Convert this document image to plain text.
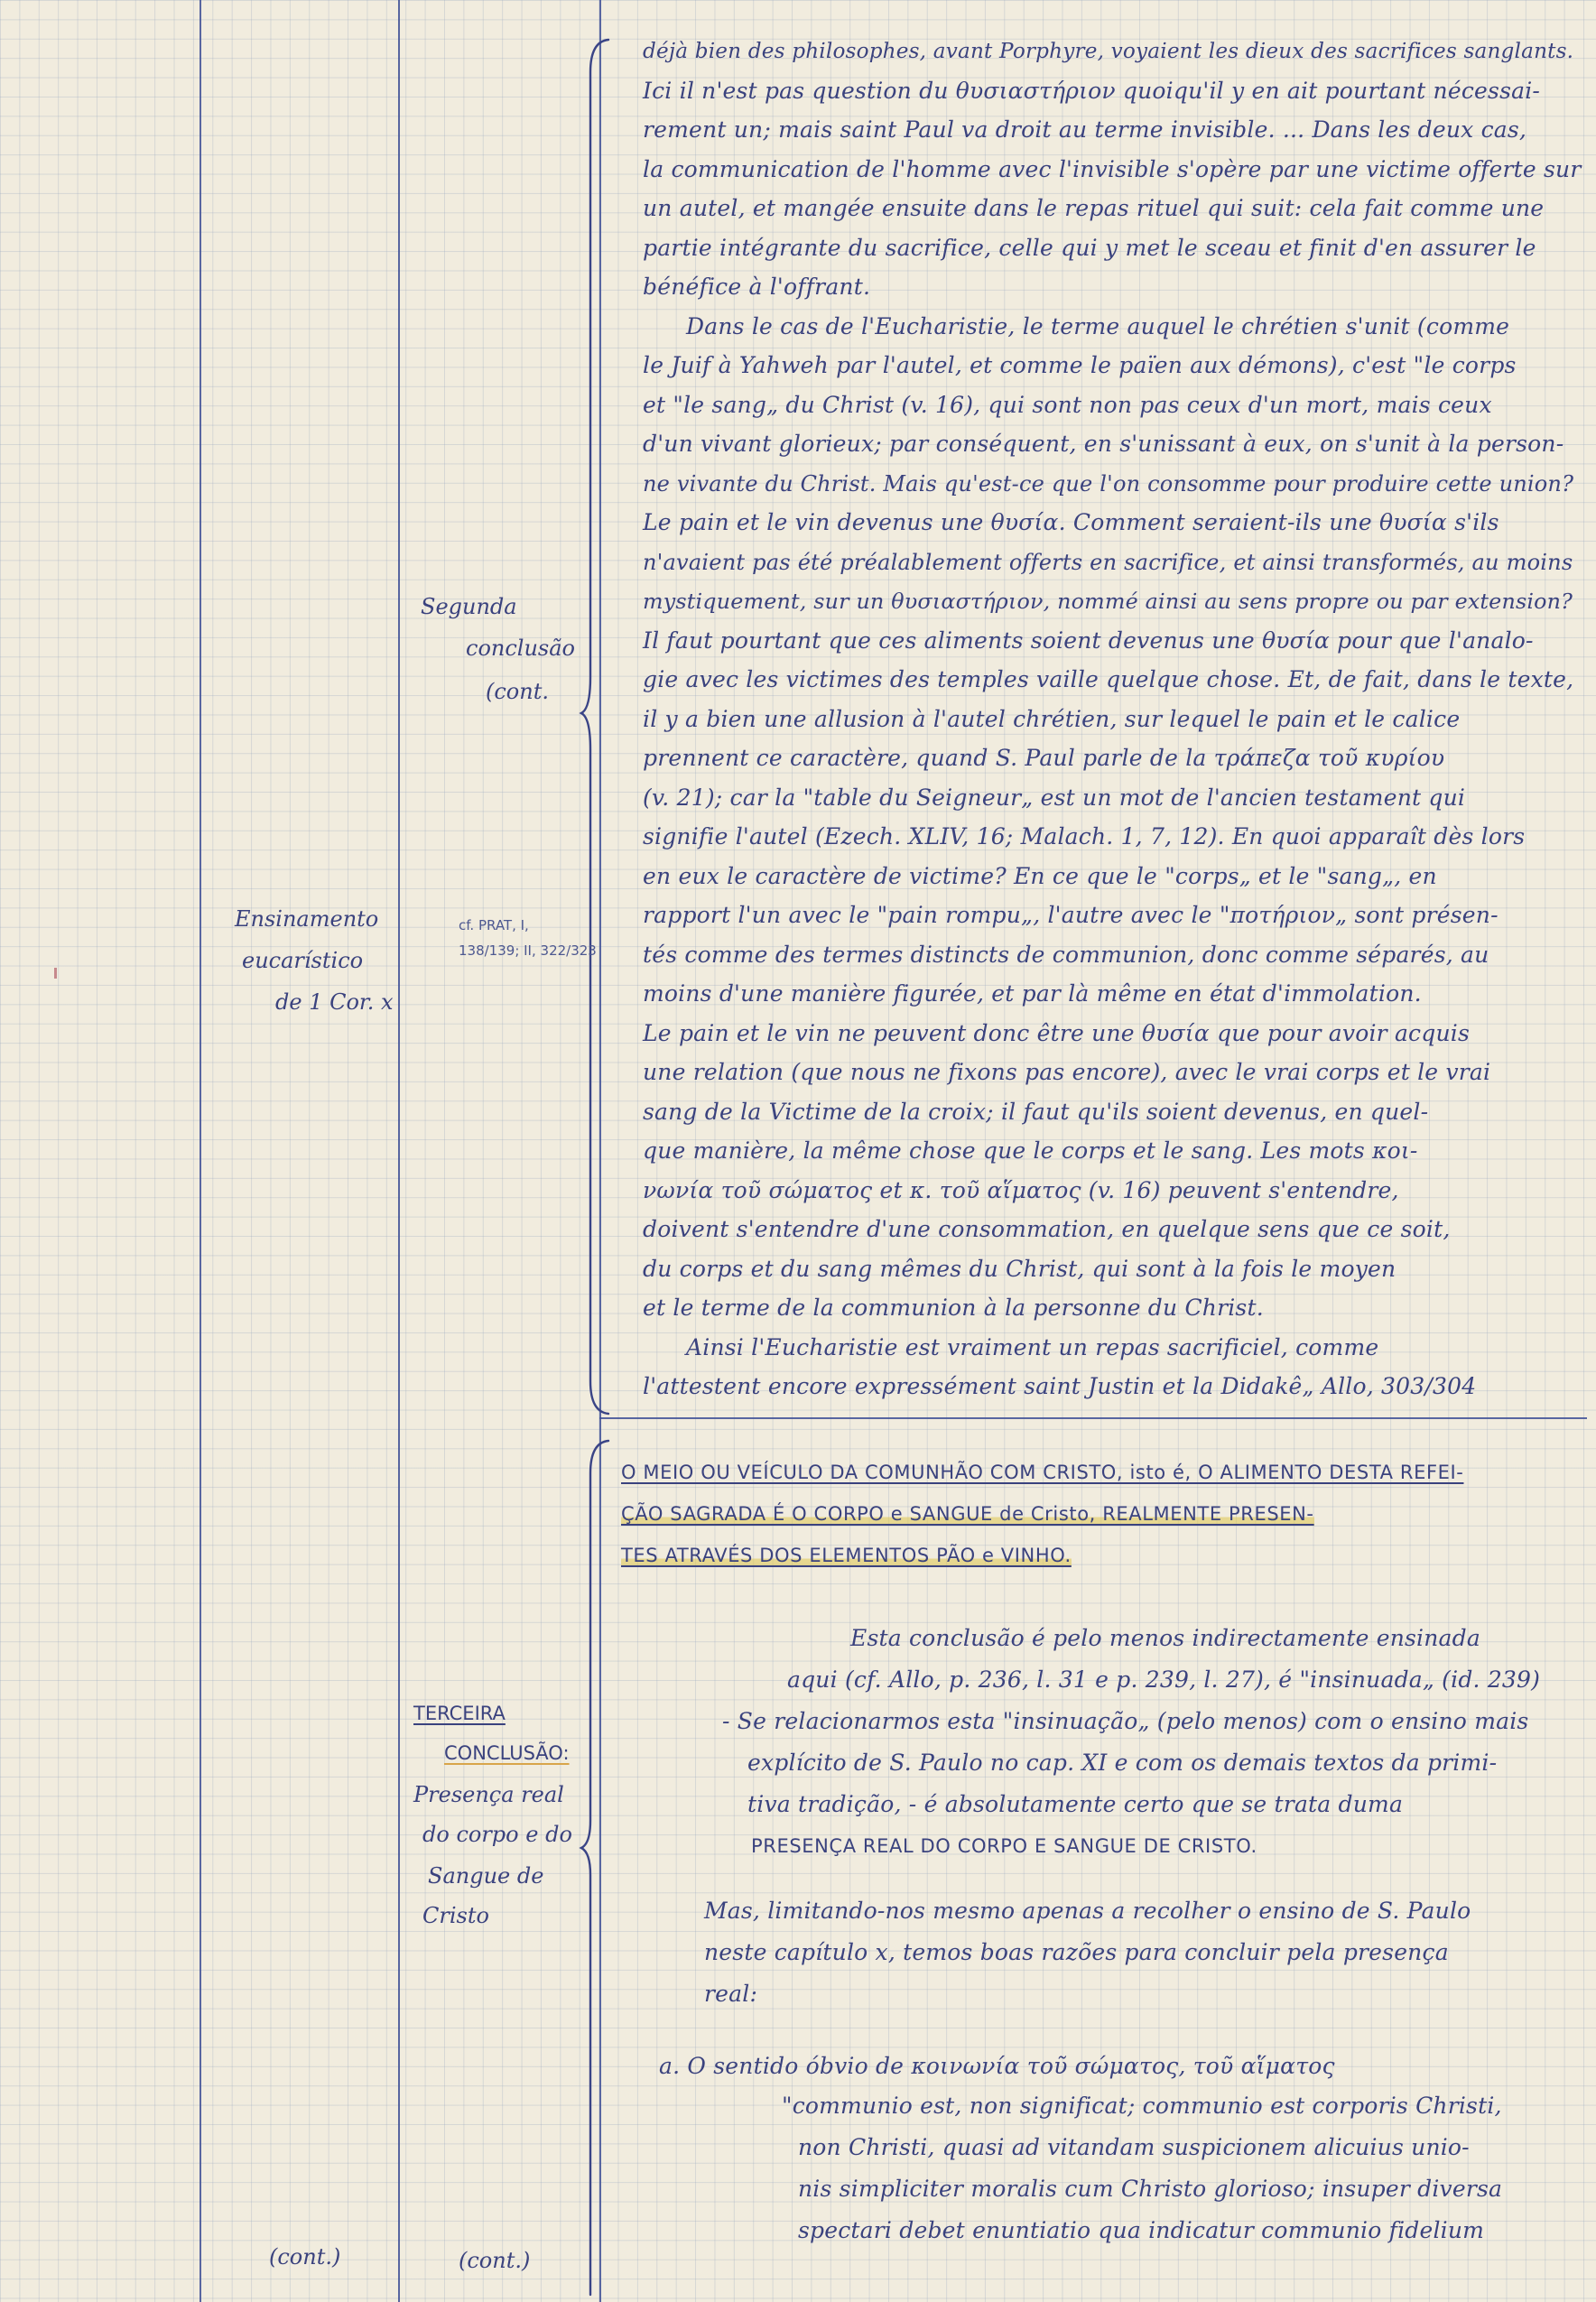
Ensinamento
eucarístico
de 1 Cor. x
(cont.)
Segunda
conclusão
(cont.
cf. PRAT, I,
138/139; II, 322/323
TERCEIRA
CONCLUSÃO:
Presença real
do corpo e do
Sangue de
Cristo
(cont.)
déjà bien des philosophes, avant Porphyre, voyaient les dieux des sacrifices sanglants.
Ici il n'est pas question du θυσιαστήριον quoiqu'il y en ait pourtant nécessai-
rement un; mais saint Paul va droit au terme invisible. ... Dans les deux cas,
la communication de l'homme avec l'invisible s'opère par une victime offerte sur
un autel, et mangée ensuite dans le repas rituel qui suit: cela fait comme une
partie intégrante du sacrifice, celle qui y met le sceau et finit d'en assurer le
bénéfice à l'offrant.
Dans le cas de l'Eucharistie, le terme auquel le chrétien s'unit (comme
le Juif à Yahweh par l'autel, et comme le païen aux démons), c'est "le corps
et "le sang„ du Christ (v. 16), qui sont non pas ceux d'un mort, mais ceux
d'un vivant glorieux; par conséquent, en s'unissant à eux, on s'unit à la person-
ne vivante du Christ. Mais qu'est-ce que l'on consomme pour produire cette union?
Le pain et le vin devenus une θυσία. Comment seraient-ils une θυσία s'ils
n'avaient pas été préalablement offerts en sacrifice, et ainsi transformés, au moins
mystiquement, sur un θυσιαστήριον, nommé ainsi au sens propre ou par extension?
Il faut pourtant que ces aliments soient devenus une θυσία pour que l'analo-
gie avec les victimes des temples vaille quelque chose. Et, de fait, dans le texte,
il y a bien une allusion à l'autel chrétien, sur lequel le pain et le calice
prennent ce caractère, quand S. Paul parle de la τράπεζα τοῦ κυρίου
(v. 21); car la "table du Seigneur„ est un mot de l'ancien testament qui
signifie l'autel (Ezech. XLIV, 16; Malach. 1, 7, 12). En quoi apparaît dès lors
en eux le caractère de victime? En ce que le "corps„ et le "sang„, en
rapport l'un avec le "pain rompu„, l'autre avec le "ποτήριον„ sont présen-
tés comme des termes distincts de communion, donc comme séparés, au
moins d'une manière figurée, et par là même en état d'immolation.
Le pain et le vin ne peuvent donc être une θυσία que pour avoir acquis
une relation (que nous ne fixons pas encore), avec le vrai corps et le vrai
sang de la Victime de la croix; il faut qu'ils soient devenus, en quel-
que manière, la même chose que le corps et le sang. Les mots κοι-
νωνία τοῦ σώματος et κ. τοῦ αἵματος (v. 16) peuvent s'entendre,
doivent s'entendre d'une consommation, en quelque sens que ce soit,
du corps et du sang mêmes du Christ, qui sont à la fois le moyen
et le terme de la communion à la personne du Christ.
Ainsi l'Eucharistie est vraiment un repas sacrificiel, comme
l'attestent encore expressément saint Justin et la Didakê„ Allo, 303/304
O MEIO OU VEÍCULO DA COMUNHÃO COM CRISTO, isto é, O ALIMENTO DESTA REFEI-
ÇÃO SAGRADA É O CORPO e SANGUE de Cristo, REALMENTE PRESEN-
TES ATRAVÉS DOS ELEMENTOS PÃO e VINHO.
Esta conclusão é pelo menos indirectamente ensinada
aqui (cf. Allo, p. 236, l. 31 e p. 239, l. 27), é "insinuada„ (id. 239)
- Se relacionarmos esta "insinuação„ (pelo menos) com o ensino mais
explícito de S. Paulo no cap. XI e com os demais textos da primi-
tiva tradição, - é absolutamente certo que se trata duma
PRESENÇA REAL DO CORPO E SANGUE DE CRISTO.
Mas, limitando-nos mesmo apenas a recolher o ensino de S. Paulo
neste capítulo x, temos boas razões para concluir pela presença
real:
a. O sentido óbvio de κοινωνία τοῦ σώματος, τοῦ αἵματος
"communio est, non significat; communio est corporis Christi,
non Christi, quasi ad vitandam suspicionem alicuius unio-
nis simpliciter moralis cum Christo glorioso; insuper diversa
spectari debet enuntiatio qua indicatur communio fidelium
